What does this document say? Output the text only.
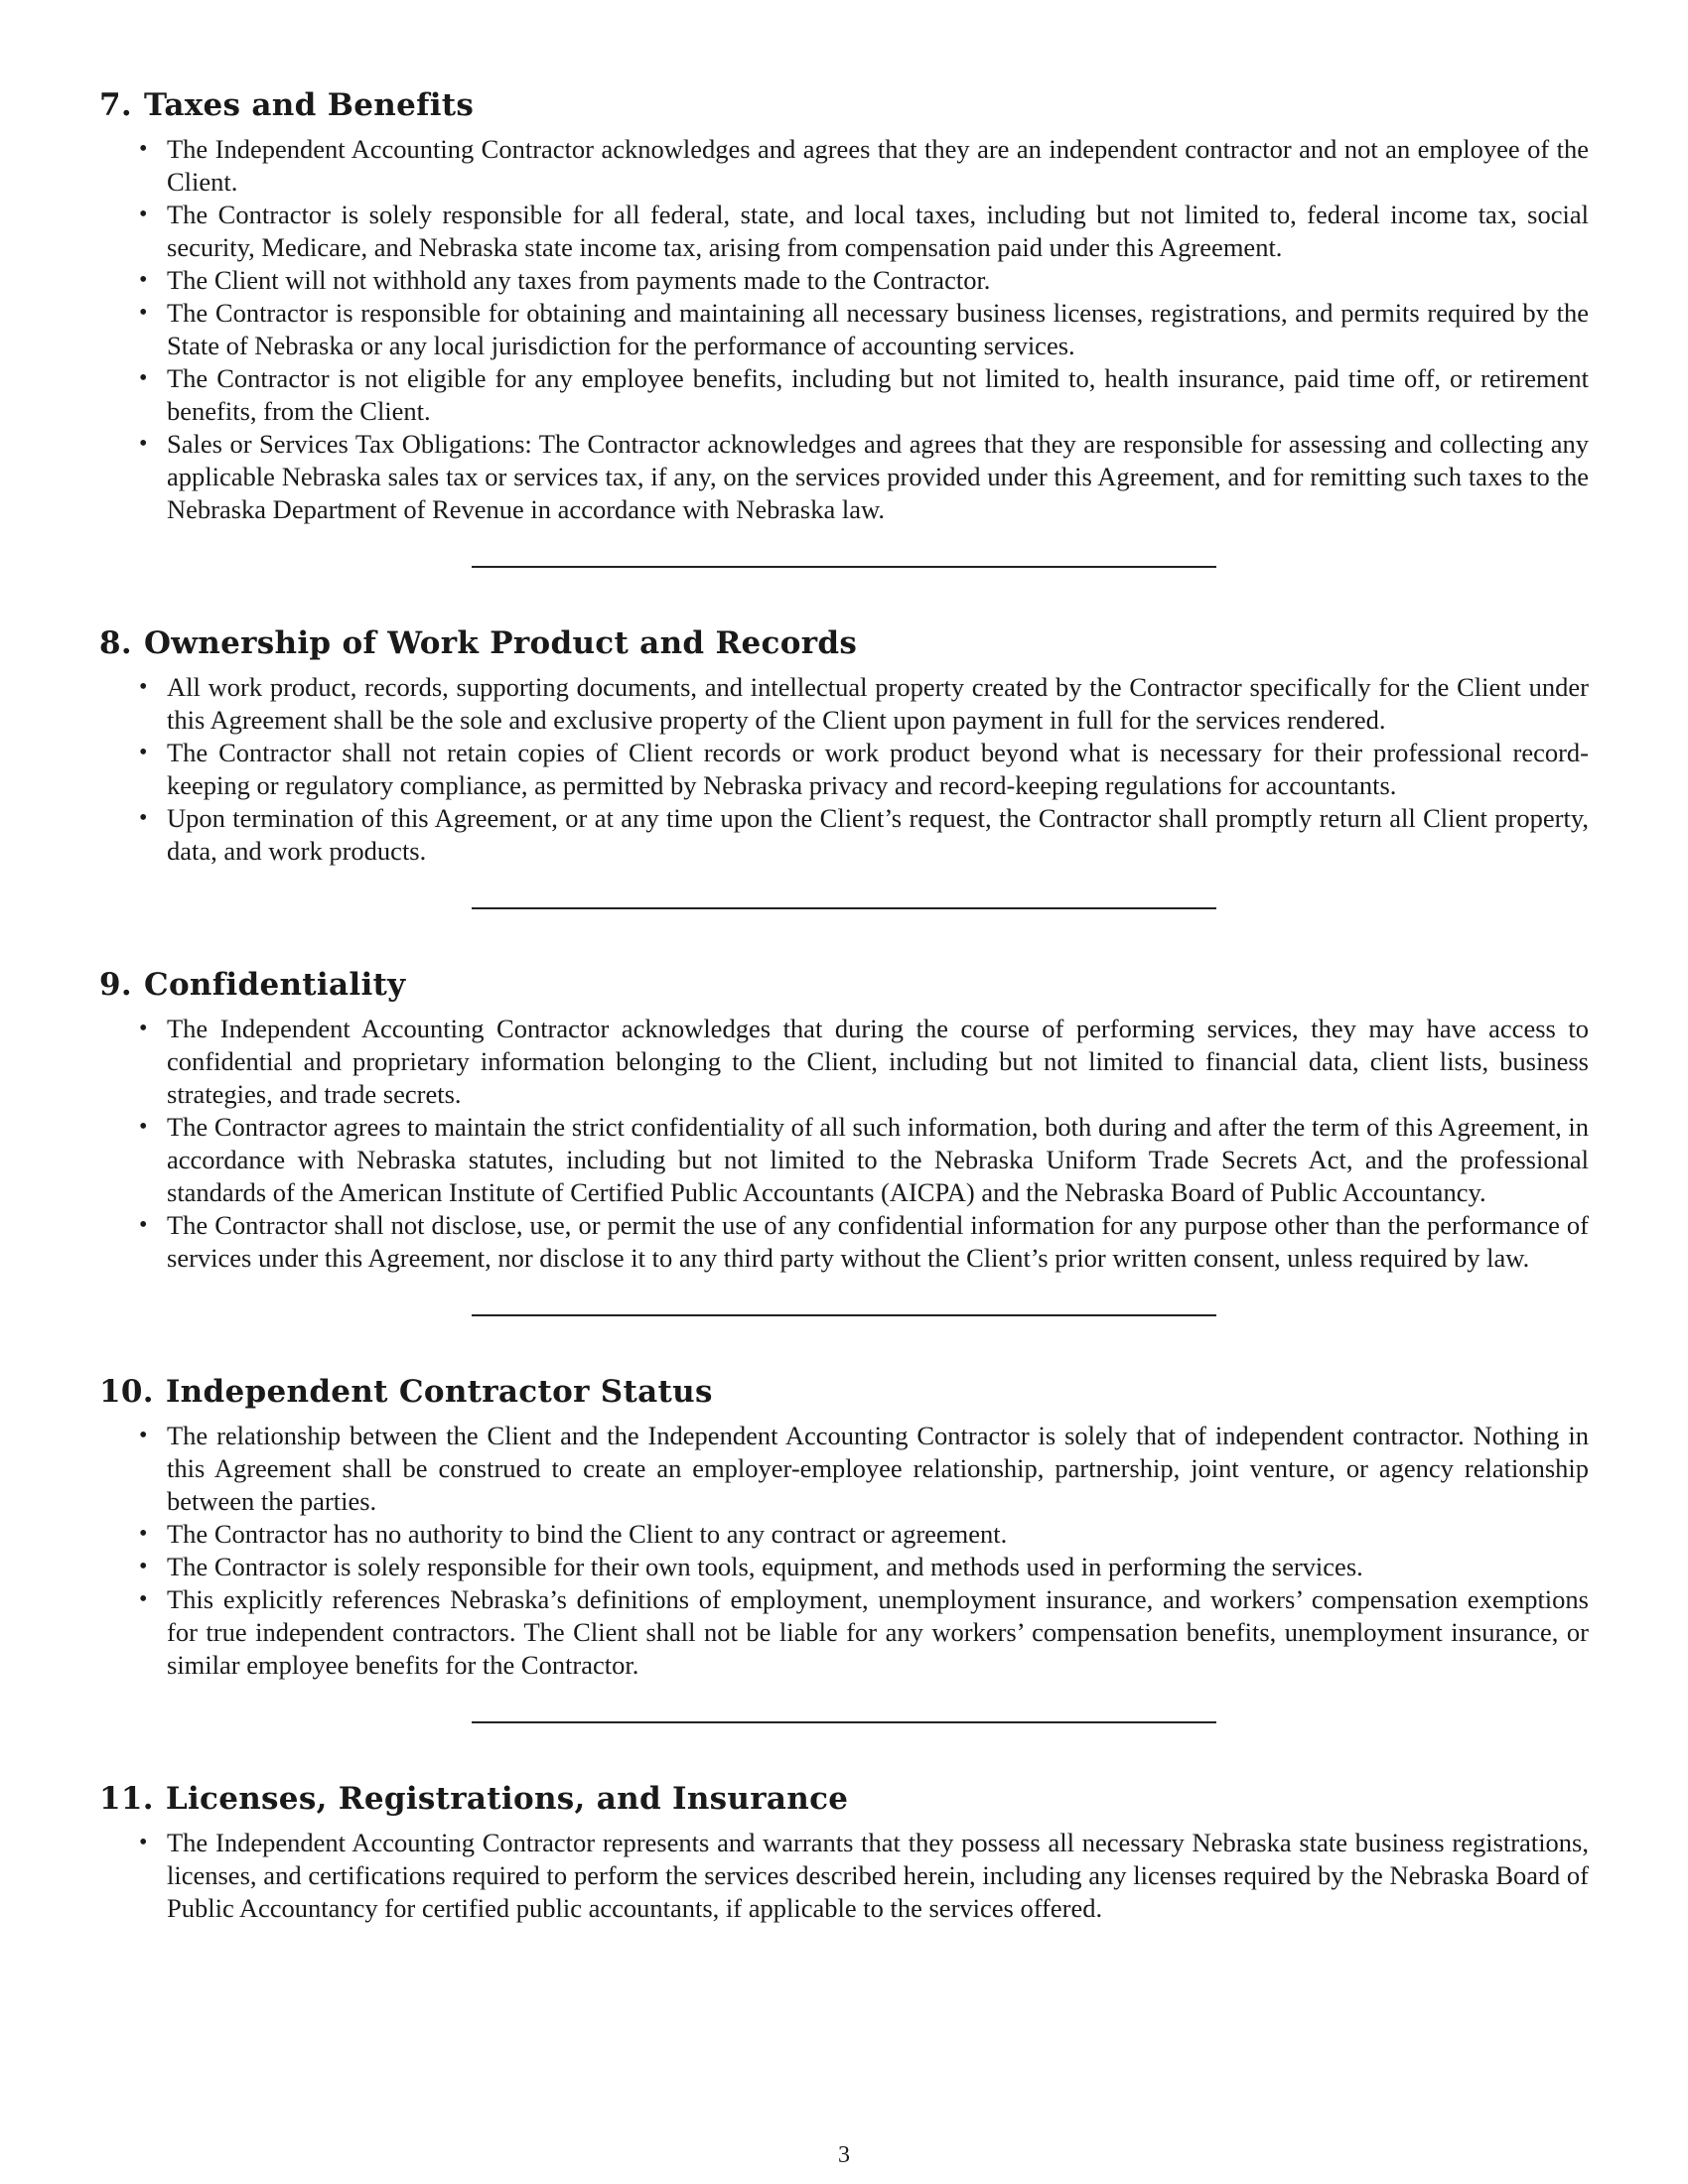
7. Taxes and Benefits
• The Independent Accounting Contractor acknowledges and agrees that they are an independent contractor and not an employee of the Client.
• The Contractor is solely responsible for all federal, state, and local taxes, including but not limited to, federal income tax, social security, Medicare, and Nebraska state income tax, arising from compensation paid under this Agreement.
• The Client will not withhold any taxes from payments made to the Contractor.
• The Contractor is responsible for obtaining and maintaining all necessary business licenses, registrations, and permits required by the State of Nebraska or any local jurisdiction for the performance of accounting services.
• The Contractor is not eligible for any employee benefits, including but not limited to, health insurance, paid time off, or retirement benefits, from the Client.
• Sales or Services Tax Obligations: The Contractor acknowledges and agrees that they are responsible for assessing and collecting any applicable Nebraska sales tax or services tax, if any, on the services provided under this Agreement, and for remitting such taxes to the Nebraska Department of Revenue in accordance with Nebraska law.
8. Ownership of Work Product and Records
• All work product, records, supporting documents, and intellectual property created by the Contractor specifically for the Client under this Agreement shall be the sole and exclusive property of the Client upon payment in full for the services rendered.
• The Contractor shall not retain copies of Client records or work product beyond what is necessary for their professional record-keeping or regulatory compliance, as permitted by Nebraska privacy and record-keeping regulations for accountants.
• Upon termination of this Agreement, or at any time upon the Client’s request, the Contractor shall promptly return all Client property, data, and work products.
9. Confidentiality
• The Independent Accounting Contractor acknowledges that during the course of performing services, they may have access to confidential and proprietary information belonging to the Client, including but not limited to financial data, client lists, business strategies, and trade secrets.
• The Contractor agrees to maintain the strict confidentiality of all such information, both during and after the term of this Agreement, in accordance with Nebraska statutes, including but not limited to the Nebraska Uniform Trade Secrets Act, and the professional standards of the American Institute of Certified Public Accountants (AICPA) and the Nebraska Board of Public Accountancy.
• The Contractor shall not disclose, use, or permit the use of any confidential information for any purpose other than the performance of services under this Agreement, nor disclose it to any third party without the Client’s prior written consent, unless required by law.
10. Independent Contractor Status
• The relationship between the Client and the Independent Accounting Contractor is solely that of independent contractor. Nothing in this Agreement shall be construed to create an employer-employee relationship, partnership, joint venture, or agency relationship between the parties.
• The Contractor has no authority to bind the Client to any contract or agreement.
• The Contractor is solely responsible for their own tools, equipment, and methods used in performing the services.
• This explicitly references Nebraska’s definitions of employment, unemployment insurance, and workers’ compensation exemptions for true independent contractors. The Client shall not be liable for any workers’ compensation benefits, unemployment insurance, or similar employee benefits for the Contractor.
11. Licenses, Registrations, and Insurance
• The Independent Accounting Contractor represents and warrants that they possess all necessary Nebraska state business registrations, licenses, and certifications required to perform the services described herein, including any licenses required by the Nebraska Board of Public Accountancy for certified public accountants, if applicable to the services offered.
3
